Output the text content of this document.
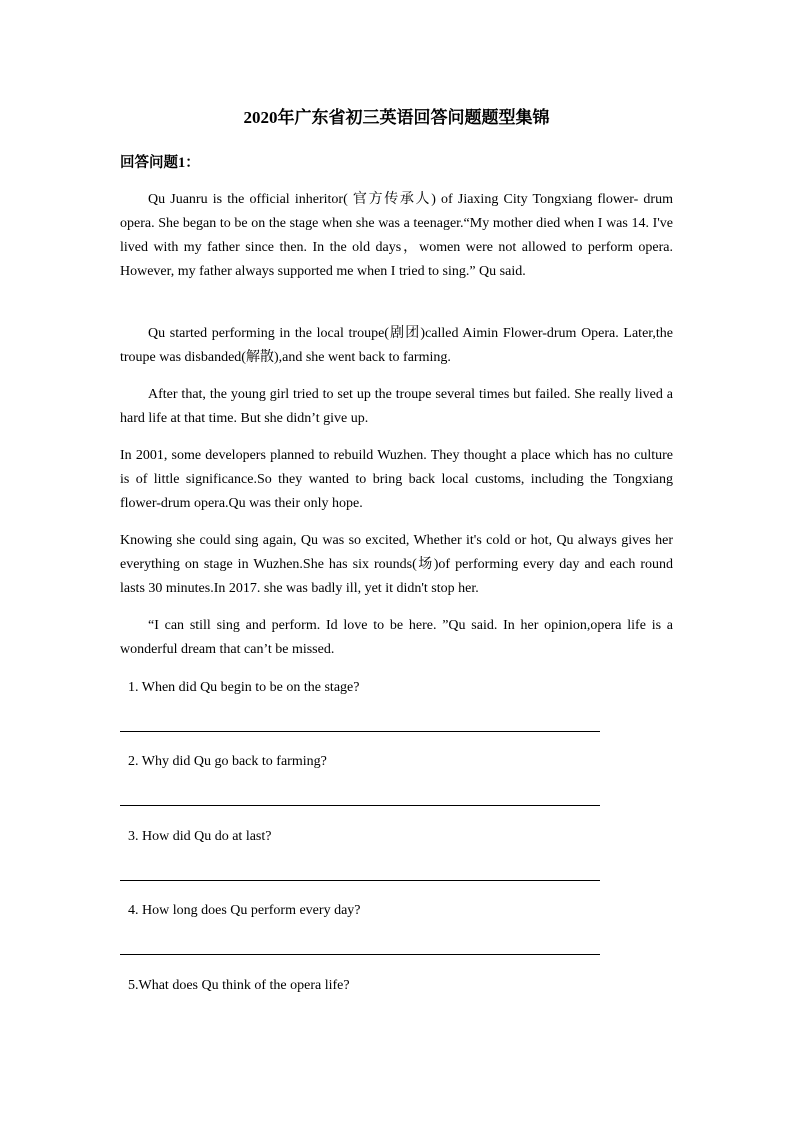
2020年广东省初三英语回答问题题型集锦
回答问题1：

Qu Juanru is the official inheritor( 官方传承人) of Jiaxing City Tongxiang flower- drum opera. She began to be on the stage when she was a teenager.“My mother died when I was 14. I've lived with my father since then. In the old days，women were not allowed to perform opera. However, my father always supported me when I tried to sing.” Qu said.

Qu started performing in the local troupe(剧团)called Aimin Flower-drum Opera. Later,the troupe was disbanded(解散),and she went back to farming.

After that, the young girl tried to set up the troupe several times but failed. She really lived a hard life at that time. But she didn’t give up.

In 2001, some developers planned to rebuild Wuzhen. They thought a place which has no culture is of little significance.So they wanted to bring back local customs, including the Tongxiang flower-drum opera.Qu was their only hope.

Knowing she could sing again, Qu was so excited, Whether it's cold or hot, Qu always gives her everything on stage in Wuzhen.She has six rounds(场)of performing every day and each round lasts 30 minutes.In 2017. she was badly ill, yet it didn't stop her.

“I can still sing and perform. Id love to be here. ”Qu said. In her opinion,opera life is a wonderful dream that can’t be missed.

1. When did Qu begin to be on the stage?
2. Why did Qu go back to farming?
3. How did Qu do at last?
4. How long does Qu perform every day?
5.What does Qu think of the opera life?
